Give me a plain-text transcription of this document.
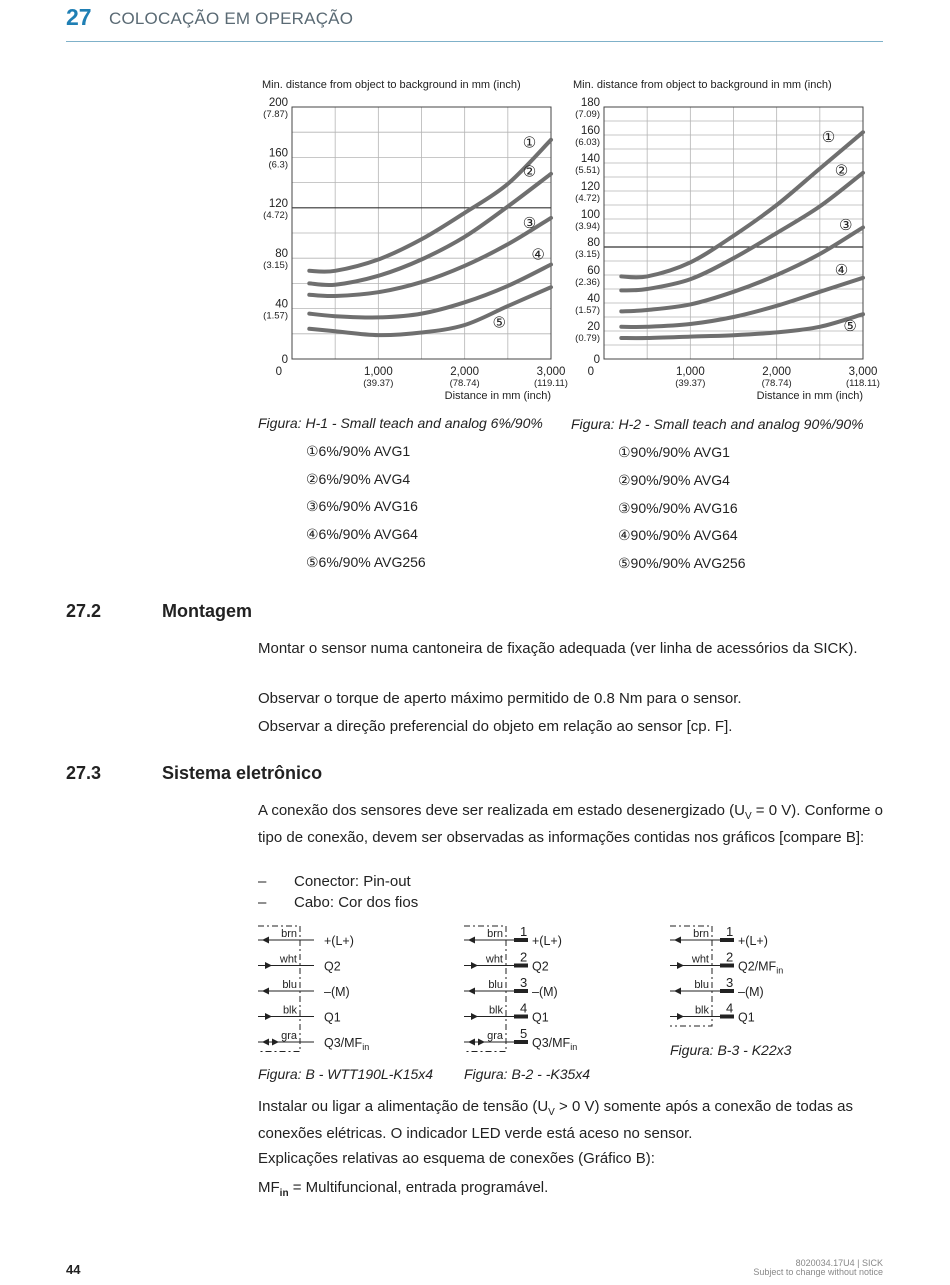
27 COLOCAÇÃO EM OPERAÇÃO
Min. distance from object to background in mm (inch)
0
40
(1.57)
80
(3.15)
120
(4.72)
160
(6.3)
200
(7.87)
0	1,000
(39.37)
2,000
(78.74)
3,000
(119.11)
Distance in mm (inch)
①
②
③
④
⑤
Min. distance from object to background in mm (inch)
0
20
(0.79)
40
(1.57)
60
(2.36)
80
(3.15)
100
(3.94)
120
(4.72)
140
(5.51)
160
(6.03)
180
(7.09)
0	1,000
(39.37)
2,000
(78.74)
3,000
(118.11)
Distance in mm (inch)
①
②
③
④
⑤
Figura: H-1 - Small teach and analog 6%/90% Figura: H-2 - Small teach and analog 90%/90%
①6%/90% AVG1
②6%/90% AVG4
③6%/90% AVG16
④6%/90% AVG64
⑤6%/90% AVG256
①90%/90% AVG1
②90%/90% AVG4
③90%/90% AVG16
④90%/90% AVG64
⑤90%/90% AVG256
27.2	Montagem
Montar o sensor numa cantoneira de fixação adequada (ver linha de acessórios da SICK).
Observar o torque de aperto máximo permitido de 0.8 Nm para o sensor.
Observar a direção preferencial do objeto em relação ao sensor [cp. F].
27.3	Sistema eletrônico
A conexão dos sensores deve ser realizada em estado desenergizado ($U_V = 0$ V). Conforme o tipo de conexão, devem ser observadas as informações contidas nos gráficos [compare B]:
– Conector: Pin-out
– Cabo: Cor dos fios
brn +(L+)
wht Q2
blu –(M)
blk Q1
gra $Q3/MF_{in}$
brn 1
+(L+)
wht 2
Q2
blu 3
–(M)
blk 4
Q1
gra 5
$Q3/MF_{in}$
brn 1
+(L+)
wht 2
$Q2/MF_{in}$
blu 3
–(M)
blk 4
Q1
Figura: B - WTT190L-K15x4 Figura: B-2 - -K35x4
Figura: B-3 - K22x3
Instalar ou ligar a alimentação de tensão ($U_V > 0$ V) somente após a conexão de todas as conexões elétricas. O indicador LED verde está aceso no sensor.
Explicações relativas ao esquema de conexões (Gráfico B):
$MF_{in}$ = Multifuncional, entrada programável.
44	8020034.17U4 | SICK
Subject to change without notice
